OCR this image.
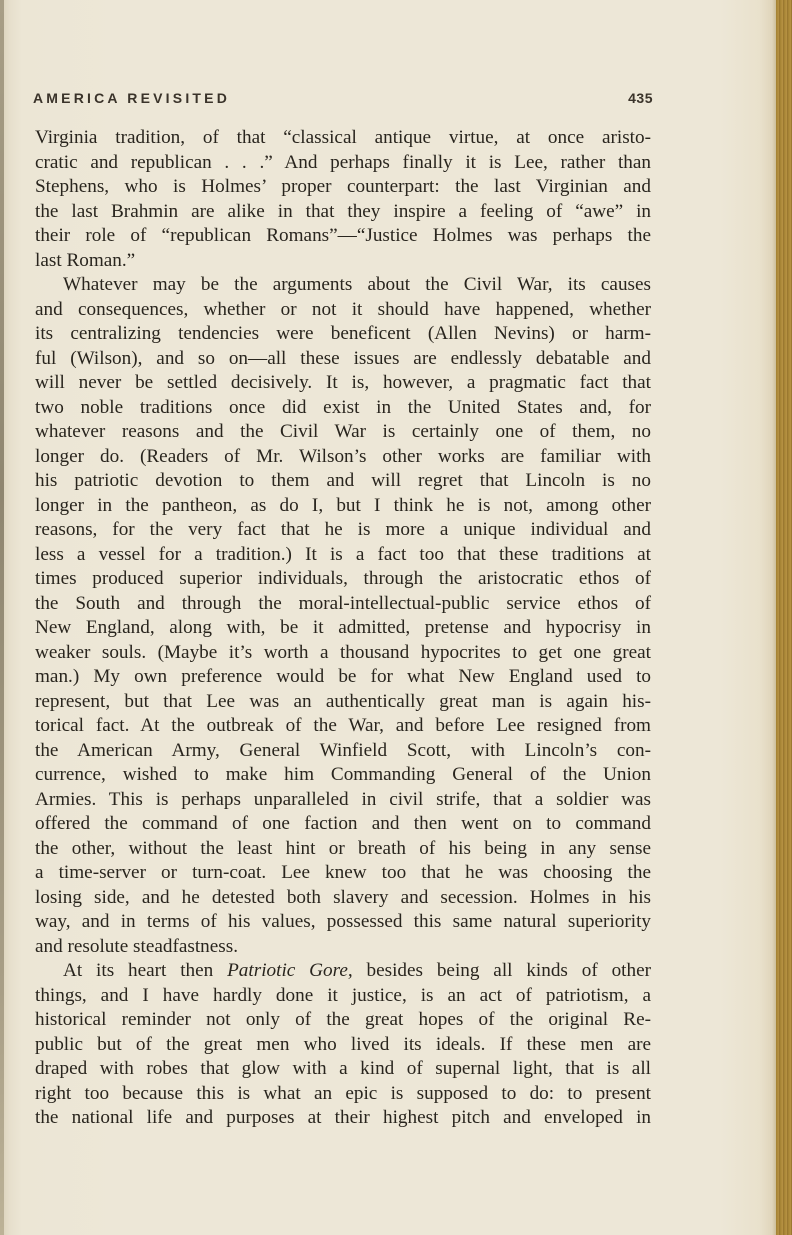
AMERICA REVISITED	435
Virginia tradition, of that “classical antique virtue, at once aristo-
cratic and republican . . .” And perhaps finally it is Lee, rather than
Stephens, who is Holmes’ proper counterpart: the last Virginian and
the last Brahmin are alike in that they inspire a feeling of “awe” in
their role of “republican Romans”—“Justice Holmes was perhaps the
last Roman.”
Whatever may be the arguments about the Civil War, its causes
and consequences, whether or not it should have happened, whether
its centralizing tendencies were beneficent (Allen Nevins) or harm-
ful (Wilson), and so on—all these issues are endlessly debatable and
will never be settled decisively. It is, however, a pragmatic fact that
two noble traditions once did exist in the United States and, for
whatever reasons and the Civil War is certainly one of them, no
longer do. (Readers of Mr. Wilson’s other works are familiar with
his patriotic devotion to them and will regret that Lincoln is no
longer in the pantheon, as do I, but I think he is not, among other
reasons, for the very fact that he is more a unique individual and
less a vessel for a tradition.) It is a fact too that these traditions at
times produced superior individuals, through the aristocratic ethos of
the South and through the moral-intellectual-public service ethos of
New England, along with, be it admitted, pretense and hypocrisy in
weaker souls. (Maybe it’s worth a thousand hypocrites to get one great
man.) My own preference would be for what New England used to
represent, but that Lee was an authentically great man is again his-
torical fact. At the outbreak of the War, and before Lee resigned from
the American Army, General Winfield Scott, with Lincoln’s con-
currence, wished to make him Commanding General of the Union
Armies. This is perhaps unparalleled in civil strife, that a soldier was
offered the command of one faction and then went on to command
the other, without the least hint or breath of his being in any sense
a time-server or turn-coat. Lee knew too that he was choosing the
losing side, and he detested both slavery and secession. Holmes in his
way, and in terms of his values, possessed this same natural superiority
and resolute steadfastness.
At its heart then Patriotic Gore, besides being all kinds of other
things, and I have hardly done it justice, is an act of patriotism, a
historical reminder not only of the great hopes of the original Re-
public but of the great men who lived its ideals. If these men are
draped with robes that glow with a kind of supernal light, that is all
right too because this is what an epic is supposed to do: to present
the national life and purposes at their highest pitch and enveloped in
